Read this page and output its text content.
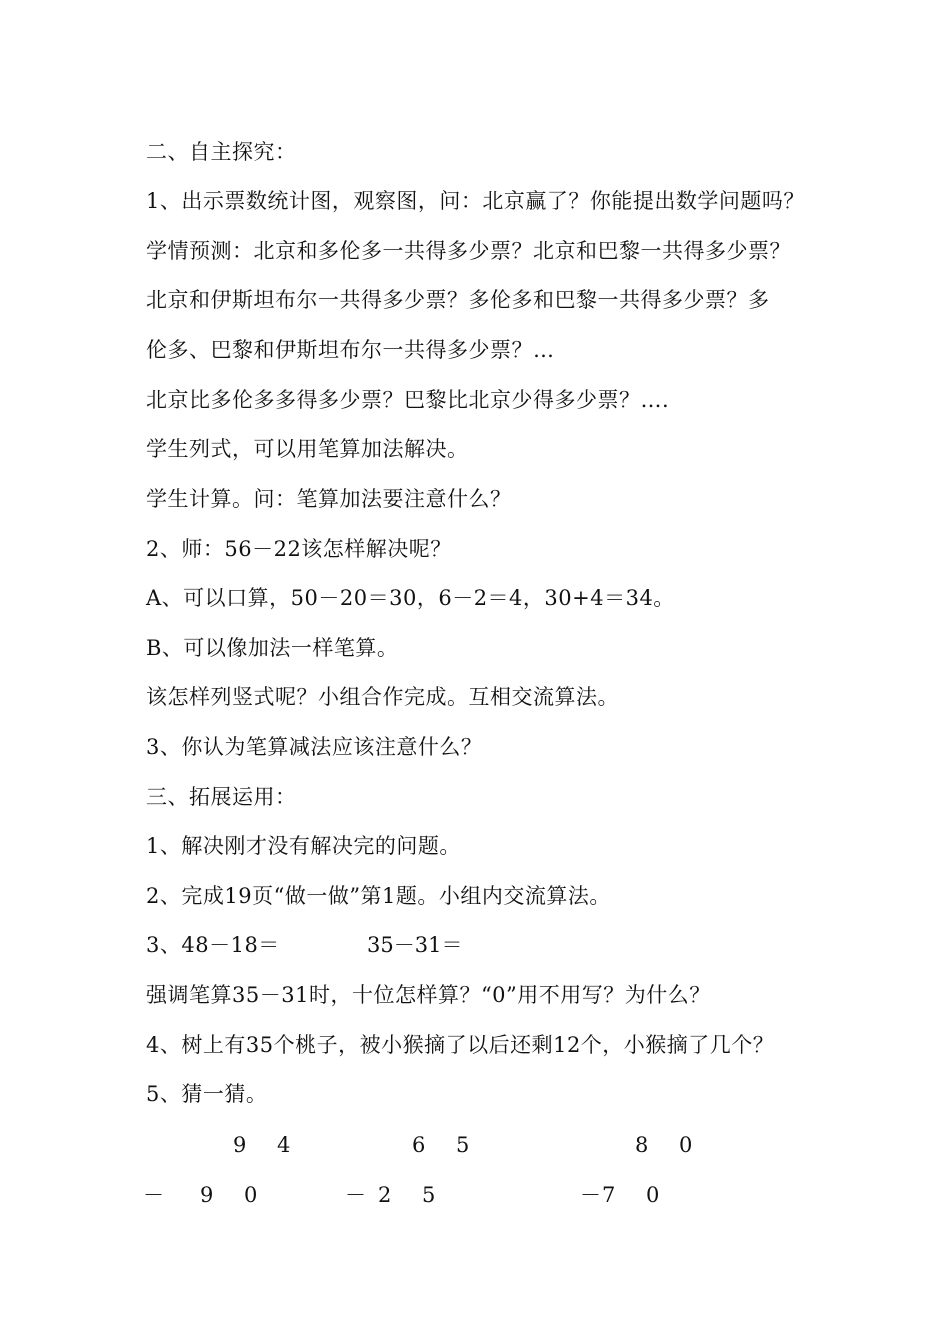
二、自主探究：
1、出示票数统计图，观察图，问：北京赢了？你能提出数学问题吗？
学情预测：北京和多伦多一共得多少票？北京和巴黎一共得多少票？
北京和伊斯坦布尔一共得多少票？多伦多和巴黎一共得多少票？多
伦多、巴黎和伊斯坦布尔一共得多少票？…
北京比多伦多多得多少票？巴黎比北京少得多少票？….
学生列式，可以用笔算加法解决。
学生计算。问：笔算加法要注意什么？
2、师：56－22该怎样解决呢？
A、可以口算，50－20＝30，6－2＝4，30+4＝34。
B、可以像加法一样笔算。
该怎样列竖式呢？小组合作完成。互相交流算法。
3、你认为笔算减法应该注意什么？
三、拓展运用：
1、解决刚才没有解决完的问题。
2、完成19页“做一做”第1题。小组内交流算法。
3、48－18＝	35－31＝
强调笔算35－31时，十位怎样算？“0”用不用写？为什么？
4、树上有35个桃子，被小猴摘了以后还剩12个，小猴摘了几个？
5、猜一猜。
9 4
－ 9 0
6 5
－ 2 5
8 0
－ 7 0
